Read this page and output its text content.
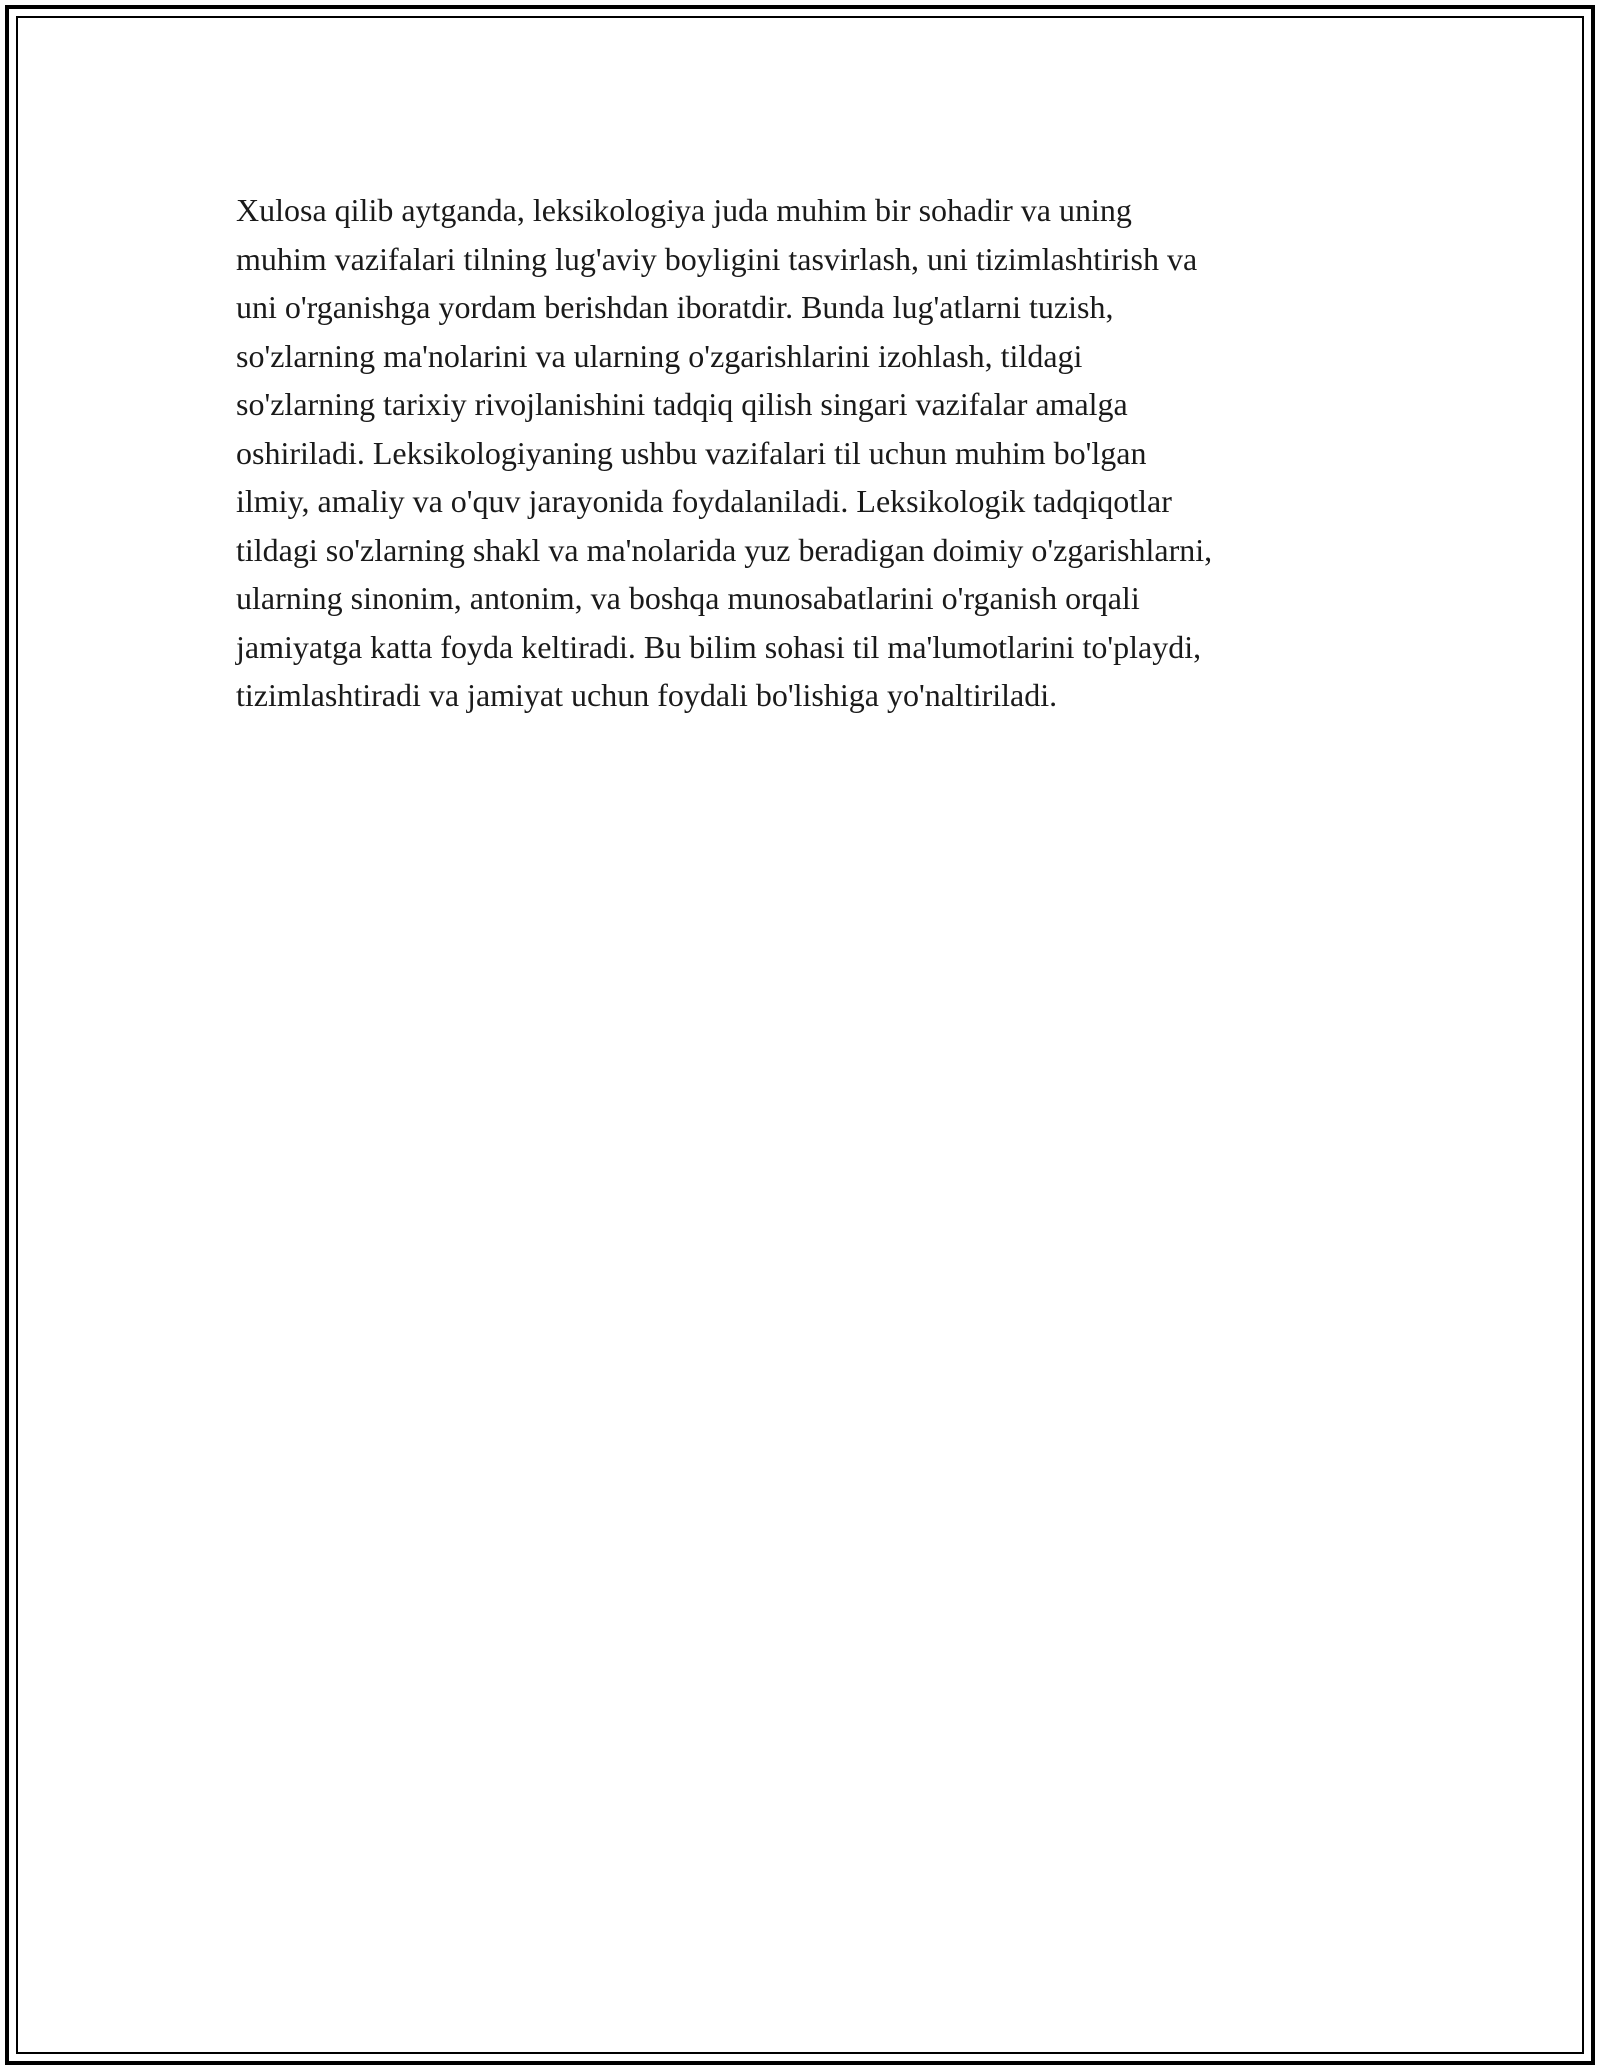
Xulosa qilib aytganda, leksikologiya juda muhim bir sohadir va uning
muhim vazifalari tilning lug'aviy boyligini tasvirlash, uni tizimlashtirish va
uni o'rganishga yordam berishdan iboratdir. Bunda lug'atlarni tuzish,
so'zlarning ma'nolarini va ularning o'zgarishlarini izohlash, tildagi
so'zlarning tarixiy rivojlanishini tadqiq qilish singari vazifalar amalga
oshiriladi. Leksikologiyaning ushbu vazifalari til uchun muhim bo'lgan
ilmiy, amaliy va o'quv jarayonida foydalaniladi. Leksikologik tadqiqotlar
tildagi so'zlarning shakl va ma'nolarida yuz beradigan doimiy o'zgarishlarni,
ularning sinonim, antonim, va boshqa munosabatlarini o'rganish orqali
jamiyatga katta foyda keltiradi. Bu bilim sohasi til ma'lumotlarini to'playdi,
tizimlashtiradi va jamiyat uchun foydali bo'lishiga yo'naltiriladi.
